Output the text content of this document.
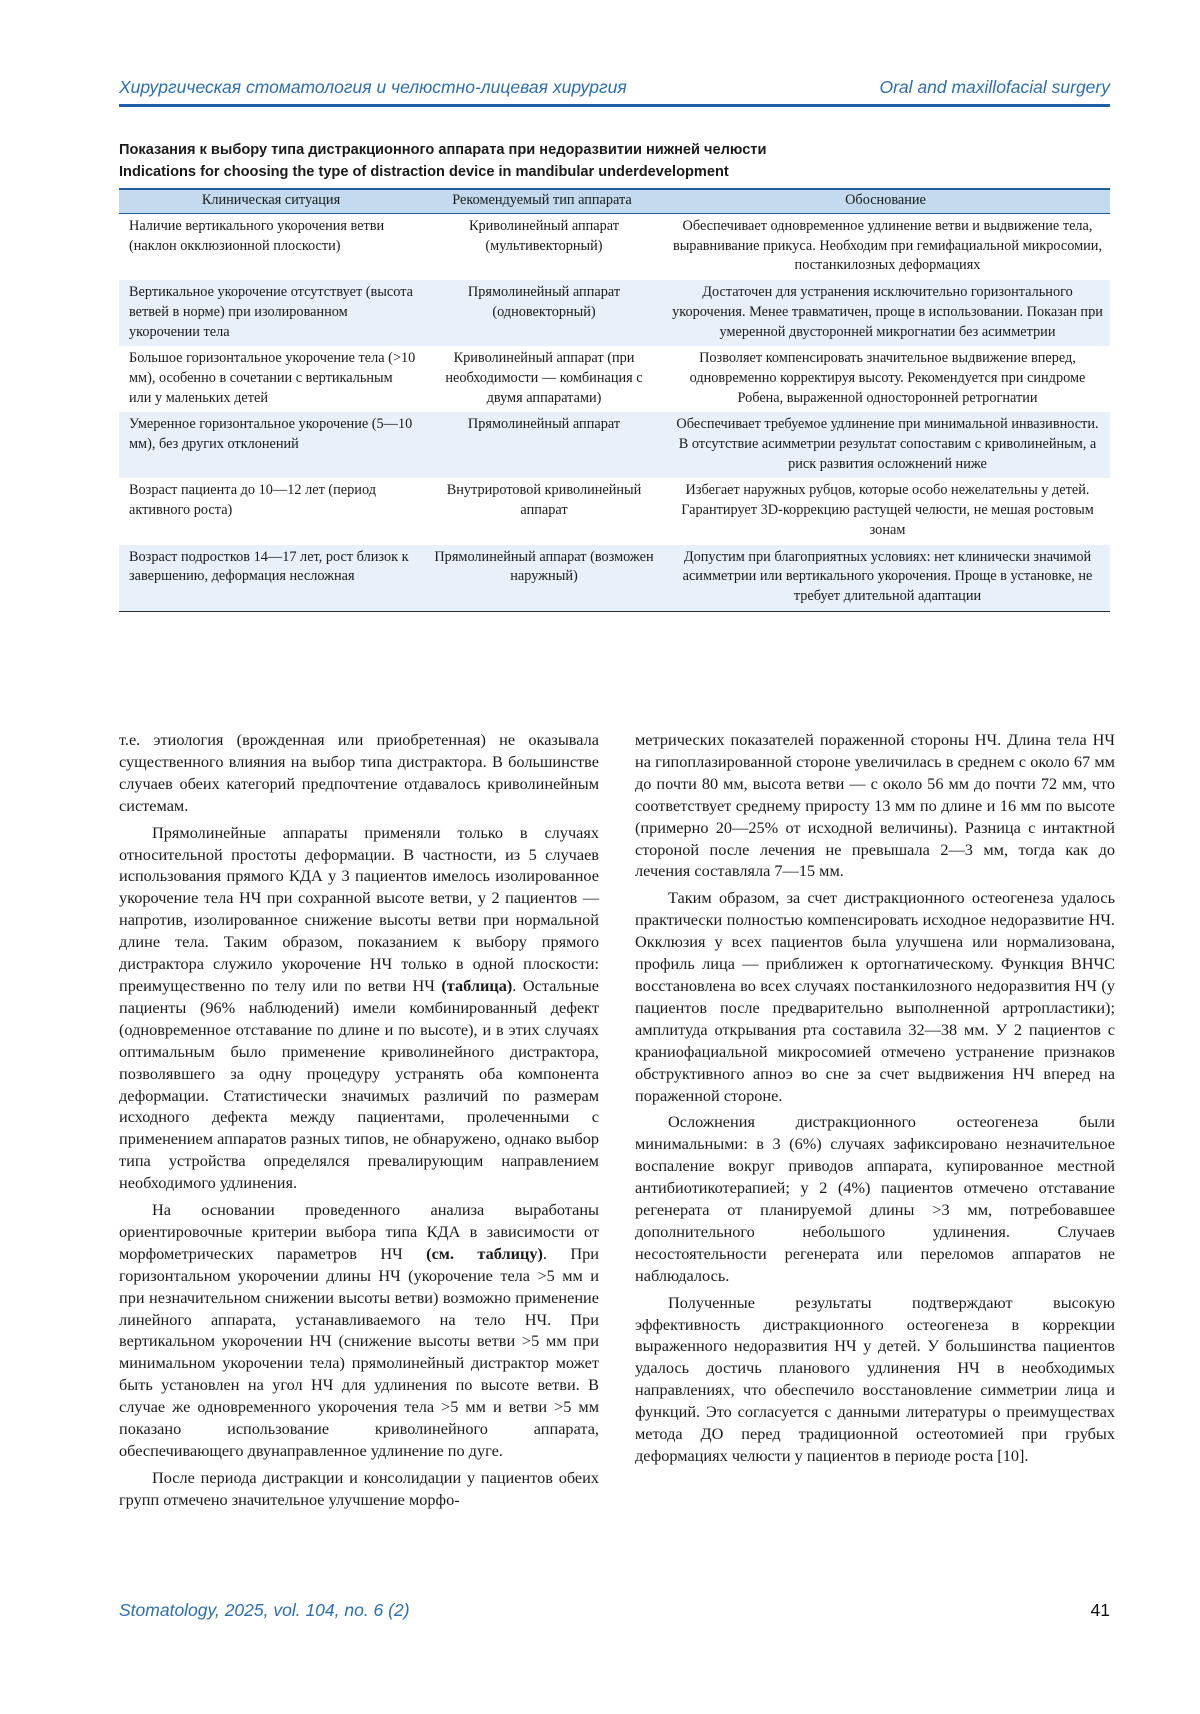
Хирургическая стоматология и челюстно-лицевая хирургия	Oral and maxillofacial surgery
Показания к выбору типа дистракционного аппарата при недоразвитии нижней челюсти
Indications for choosing the type of distraction device in mandibular underdevelopment
Клиническая ситуация	Рекомендуемый тип аппарата	Обоснование
Наличие вертикального укорочения ветви (наклон окклюзионной плоскости)	Криволинейный аппарат (мультивекторный)	Обеспечивает одновременное удлинение ветви и выдвижение тела, выравнивание прикуса. Необходим при гемифациальной микросомии, постанкилозных деформациях
Вертикальное укорочение отсутствует (высота ветвей в норме) при изолированном укорочении тела	Прямолинейный аппарат (одновекторный)	Достаточен для устранения исключительно горизонтального укорочения. Менее травматичен, проще в использовании. Показан при умеренной двусторонней микрогнатии без асимметрии
Большое горизонтальное укорочение тела (>10 мм), особенно в сочетании с вертикальным или у маленьких детей	Криволинейный аппарат (при необходимости — комбинация с двумя аппаратами)	Позволяет компенсировать значительное выдвижение вперед, одновременно корректируя высоту. Рекомендуется при синдроме Робена, выраженной односторонней ретрогнатии
Умеренное горизонтальное укорочение (5—10 мм), без других отклонений	Прямолинейный аппарат	Обеспечивает требуемое удлинение при минимальной инвазивности. В отсутствие асимметрии результат сопоставим с криволинейным, а риск развития осложнений ниже
Возраст пациента до 10—12 лет (период активного роста)	Внутриротовой криволинейный аппарат	Избегает наружных рубцов, которые особо нежелательны у детей. Гарантирует 3D-коррекцию растущей челюсти, не мешая ростовым зонам
Возраст подростков 14—17 лет, рост близок к завершению, деформация несложная	Прямолинейный аппарат (возможен наружный)	Допустим при благоприятных условиях: нет клинически значимой асимметрии или вертикального укорочения. Проще в установке, не требует длительной адаптации

т.е. этиология (врожденная или приобретенная) не оказывала существенного влияния на выбор типа дистрактора. В большинстве случаев обеих категорий предпочтение отдавалось криволинейным системам.

Прямолинейные аппараты применяли только в случаях относительной простоты деформации. В частности, из 5 случаев использования прямого КДА у 3 пациентов имелось изолированное укорочение тела НЧ при сохранной высоте ветви, у 2 пациентов — напротив, изолированное снижение высоты ветви при нормальной длине тела. Таким образом, показанием к выбору прямого дистрактора служило укорочение НЧ только в одной плоскости: преимущественно по телу или по ветви НЧ (таблица). Остальные пациенты (96% наблюдений) имели комбинированный дефект (одновременное отставание по длине и по высоте), и в этих случаях оптимальным было применение криволинейного дистрактора, позволявшего за одну процедуру устранять оба компонента деформации. Статистически значимых различий по размерам исходного дефекта между пациентами, пролеченными с применением аппаратов разных типов, не обнаружено, однако выбор типа устройства определялся превалирующим направлением необходимого удлинения.

На основании проведенного анализа выработаны ориентировочные критерии выбора типа КДА в зависимости от морфометрических параметров НЧ (см. таблицу). При горизонтальном укорочении длины НЧ (укорочение тела >5 мм и при незначительном снижении высоты ветви) возможно применение линейного аппарата, устанавливаемого на тело НЧ. При вертикальном укорочении НЧ (снижение высоты ветви >5 мм при минимальном укорочении тела) прямолинейный дистрактор может быть установлен на угол НЧ для удлинения по высоте ветви. В случае же одновременного укорочения тела >5 мм и ветви >5 мм показано использование криволинейного аппарата, обеспечивающего двунаправленное удлинение по дуге.

После периода дистракции и консолидации у пациентов обеих групп отмечено значительное улучшение морфо-

метрических показателей пораженной стороны НЧ. Длина тела НЧ на гипоплазированной стороне увеличилась в среднем с около 67 мм до почти 80 мм, высота ветви — с около 56 мм до почти 72 мм, что соответствует среднему приросту 13 мм по длине и 16 мм по высоте (примерно 20—25% от исходной величины). Разница с интактной стороной после лечения не превышала 2—3 мм, тогда как до лечения составляла 7—15 мм.

Таким образом, за счет дистракционного остеогенеза удалось практически полностью компенсировать исходное недоразвитие НЧ. Окклюзия у всех пациентов была улучшена или нормализована, профиль лица — приближен к ортогнатическому. Функция ВНЧС восстановлена во всех случаях постанкилозного недоразвития НЧ (у пациентов после предварительно выполненной артропластики); амплитуда открывания рта составила 32—38 мм. У 2 пациентов с краниофациальной микросомией отмечено устранение признаков обструктивного апноэ во сне за счет выдвижения НЧ вперед на пораженной стороне.

Осложнения дистракционного остеогенеза были минимальными: в 3 (6%) случаях зафиксировано незначительное воспаление вокруг приводов аппарата, купированное местной антибиотикотерапией; у 2 (4%) пациентов отмечено отставание регенерата от планируемой длины >3 мм, потребовавшее дополнительного небольшого удлинения. Случаев несостоятельности регенерата или переломов аппаратов не наблюдалось.

Полученные результаты подтверждают высокую эффективность дистракционного остеогенеза в коррекции выраженного недоразвития НЧ у детей. У большинства пациентов удалось достичь планового удлинения НЧ в необходимых направлениях, что обеспечило восстановление симметрии лица и функций. Это согласуется с данными литературы о преимуществах метода ДО перед традиционной остеотомией при грубых деформациях челюсти у пациентов в периоде роста [10].

Stomatology, 2025, vol. 104, no. 6 (2)	41
